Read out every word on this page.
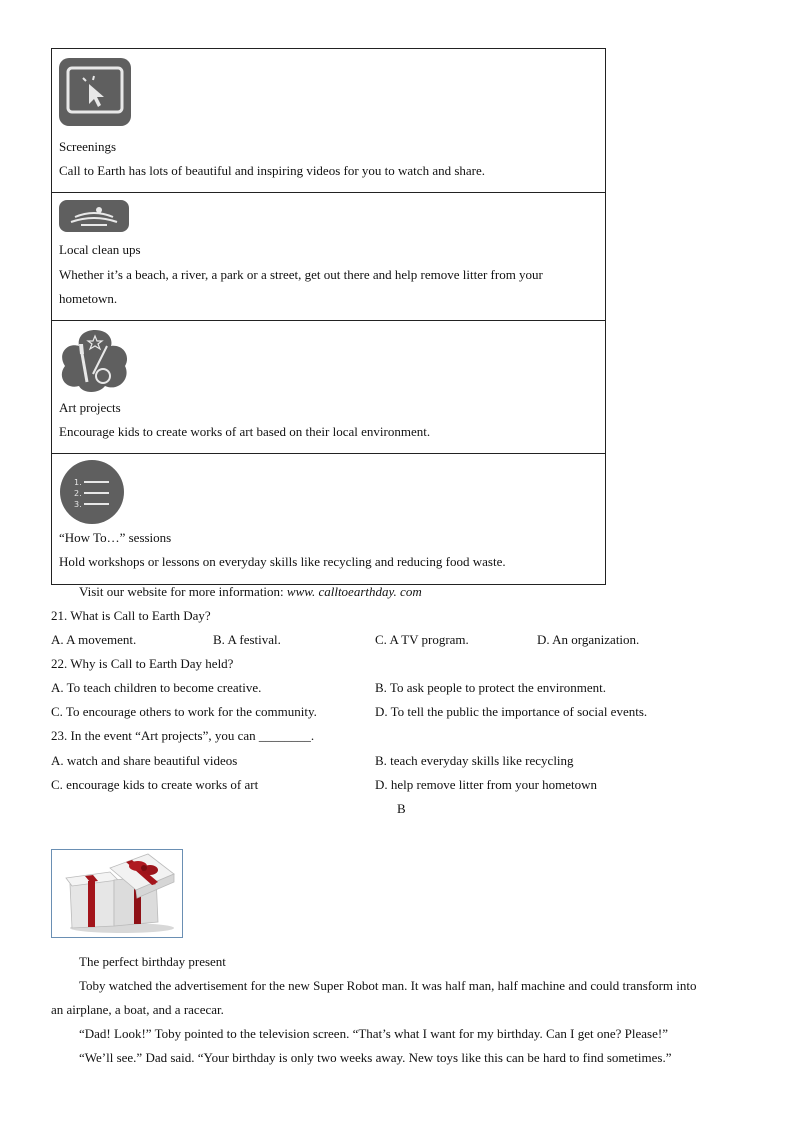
Screenings
Call to Earth has lots of beautiful and inspiring videos for you to watch and share.
Local clean ups
Whether it’s a beach, a river, a park or a street, get out there and help remove litter from your
hometown.
Art projects
Encourage kids to create works of art based on their local environment.
1.
2.
3.
“How To…” sessions
Hold workshops or lessons on everyday skills like recycling and reducing food waste.
Visit our website for more information: www. calltoearthday. com
21. What is Call to Earth Day?
A. A movement.	B. A festival.	C. A TV program.	D. An organization.
22. Why is Call to Earth Day held?
A. To teach children to become creative.	B. To ask people to protect the environment.
C. To encourage others to work for the community.	D. To tell the public the importance of social events.
23. In the event “Art projects”, you can ________.
A. watch and share beautiful videos	B. teach everyday skills like recycling
C. encourage kids to create works of art	D. help remove litter from your hometown
B
The perfect birthday present
Toby watched the advertisement for the new Super Robot man. It was half man, half machine and could transform into
an airplane, a boat, and a racecar.
“Dad! Look!” Toby pointed to the television screen. “That’s what I want for my birthday. Can I get one? Please!”
“We’ll see.” Dad said. “Your birthday is only two weeks away. New toys like this can be hard to find sometimes.”
